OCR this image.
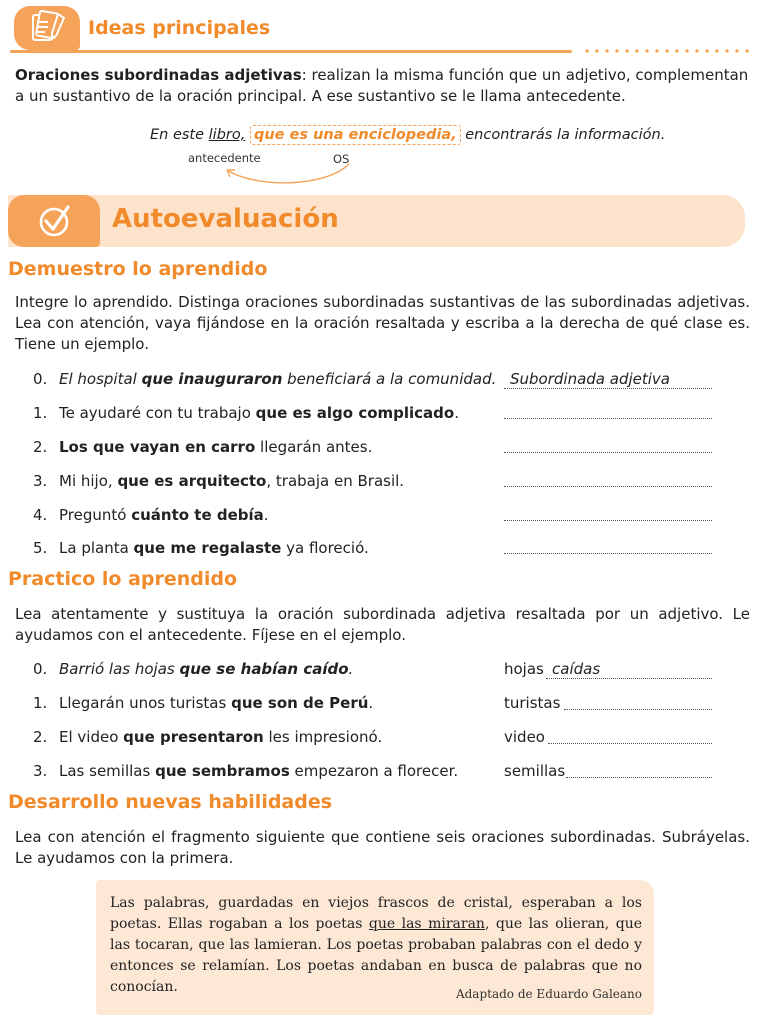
Ideas principales
Oraciones subordinadas adjetivas: realizan la misma función que un adjetivo, complementan a un sustantivo de la oración principal. A ese sustantivo se le llama antecedente.
En este libro, que es una enciclopedia, encontrarás la información.
antecedente	OS
Autoevaluación
Demuestro lo aprendido
Integre lo aprendido. Distinga oraciones subordinadas sustantivas de las subordinadas adjetivas. Lea con atención, vaya fijándose en la oración resaltada y escriba a la derecha de qué clase es. Tiene un ejemplo.
0. El hospital que inauguraron beneficiará a la comunidad. Subordinada adjetiva
1. Te ayudaré con tu trabajo que es algo complicado.
2. Los que vayan en carro llegarán antes.
3. Mi hijo, que es arquitecto, trabaja en Brasil.
4. Preguntó cuánto te debía.
5. La planta que me regalaste ya floreció.
Practico lo aprendido
Lea atentamente y sustituya la oración subordinada adjetiva resaltada por un adjetivo. Le ayudamos con el antecedente. Fíjese en el ejemplo.
0. Barrió las hojas que se habían caído.	hojas caídas
1. Llegarán unos turistas que son de Perú.	turistas
2. El video que presentaron les impresionó.	video
3. Las semillas que sembramos empezaron a florecer.	semillas
Desarrollo nuevas habilidades
Lea con atención el fragmento siguiente que contiene seis oraciones subordinadas. Subráyelas. Le ayudamos con la primera.
Las palabras, guardadas en viejos frascos de cristal, esperaban a los poetas. Ellas rogaban a los poetas que las miraran, que las olieran, que las tocaran, que las lamieran. Los poetas probaban palabras con el dedo y entonces se relamían. Los poetas andaban en busca de palabras que no conocían.	Adaptado de Eduardo Galeano
